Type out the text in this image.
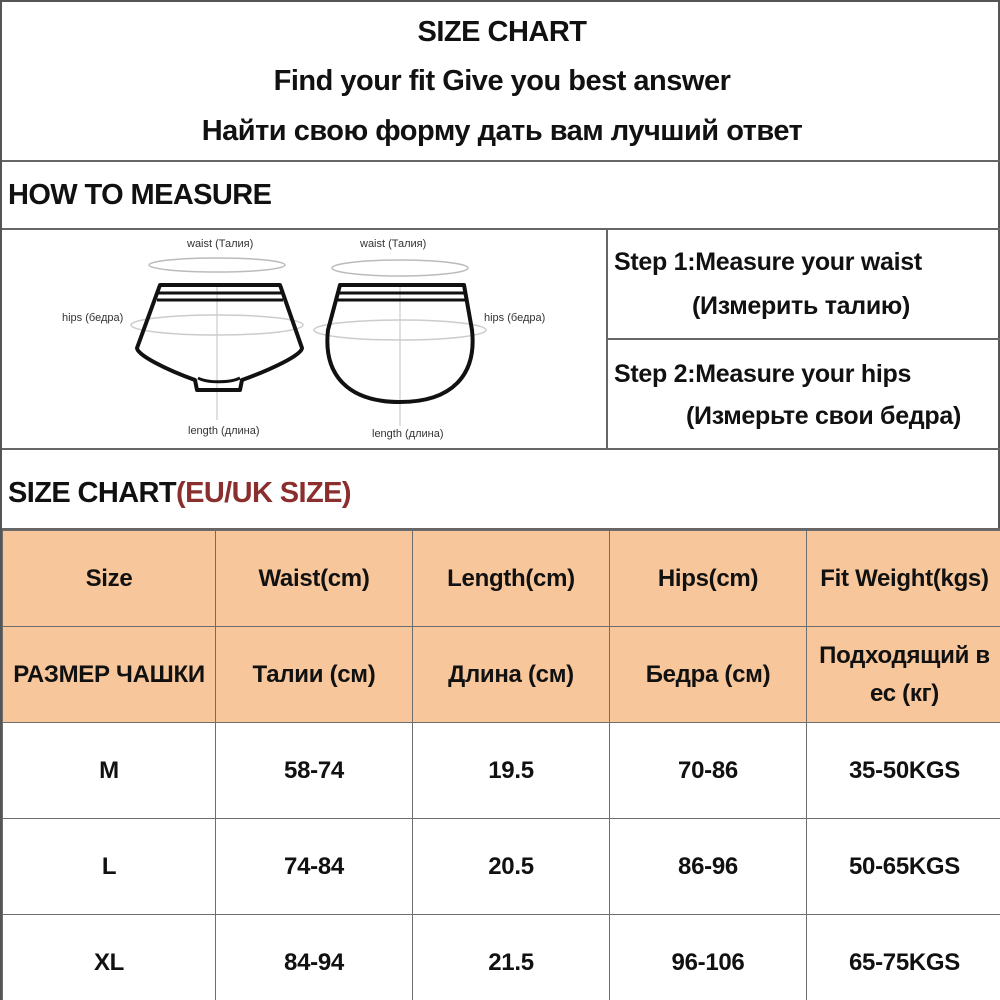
SIZE CHART
Find your fit Give you best answer
Найти свою форму дать вам лучший ответ
HOW TO MEASURE
waist (Талия)	waist (Талия)
hips (бедра)	hips (бедра)
length (длина)	length (длина)
Step 1:Measure your waist
(Измерить талию)
Step 2:Measure your hips
(Измерьте свои бедра)
SIZE CHART(EU/UK SIZE)
Size	Waist(cm)	Length(cm)	Hips(cm)	Fit Weight(kgs)
РАЗМЕР ЧАШКИ	Талии (см)	Длина (см)	Бедра (см)	Подходящий в ес (кг)
M	58-74	19.5	70-86	35-50KGS
L	74-84	20.5	86-96	50-65KGS
XL	84-94	21.5	96-106	65-75KGS
